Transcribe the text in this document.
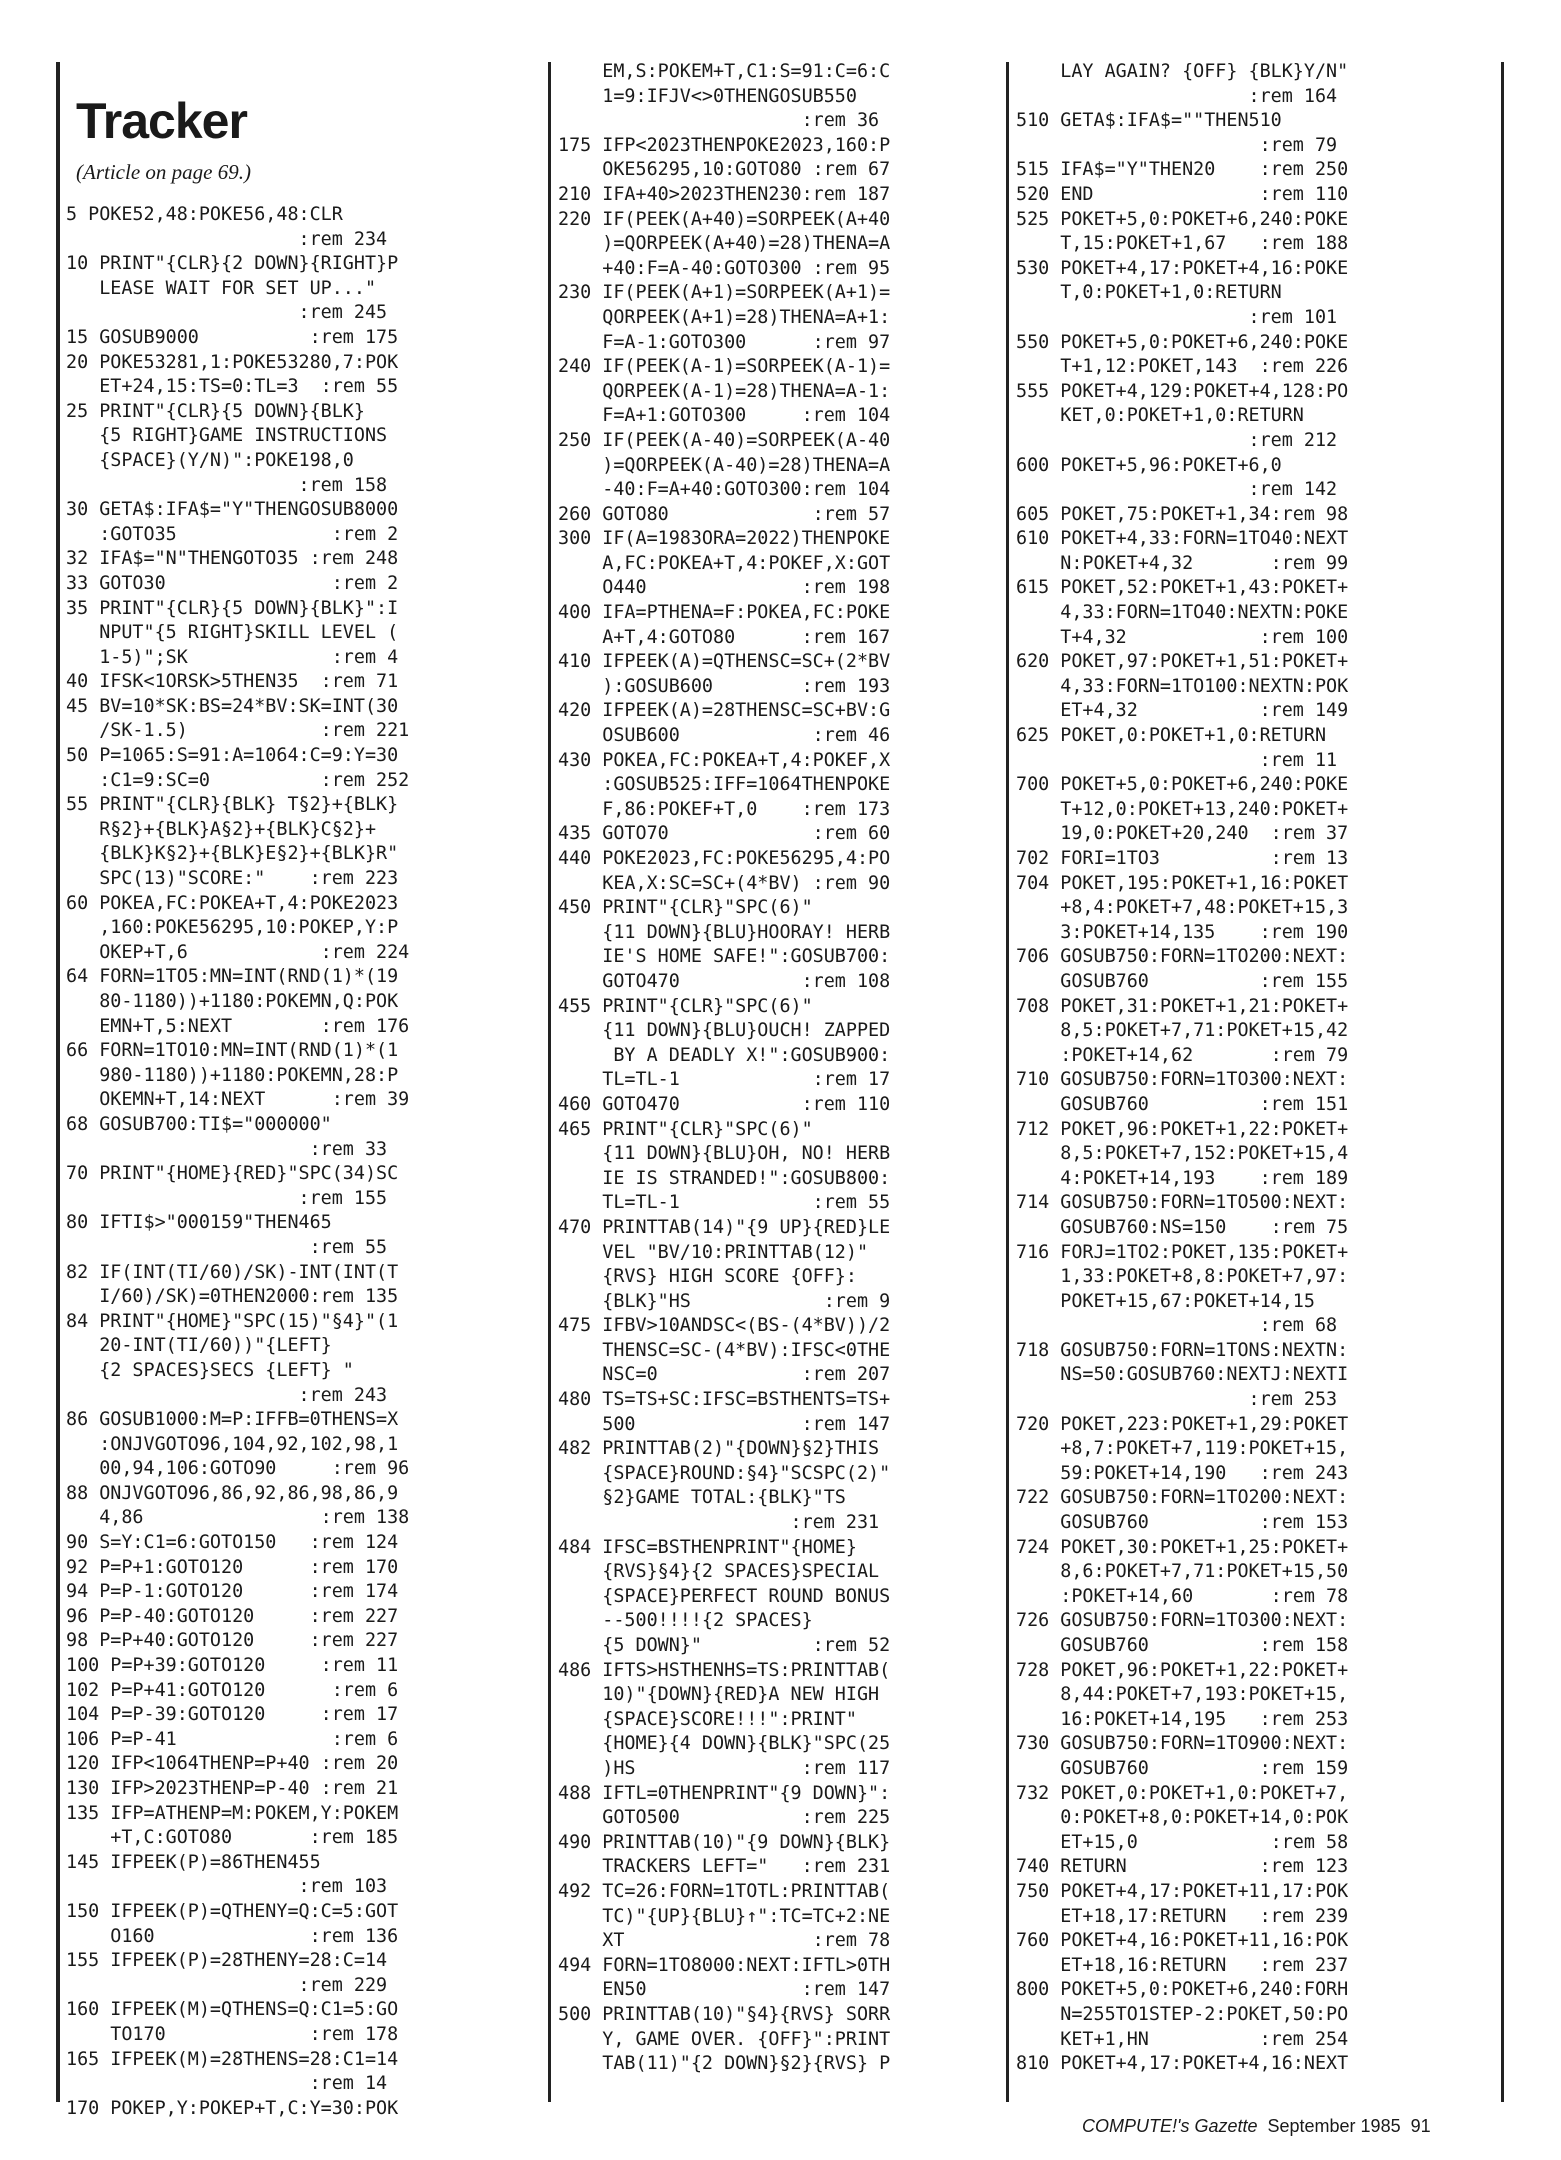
Tracker
(Article on page 69.)
5 POKE52,48:POKE56,48:CLR
:rem 234
10 PRINT"{CLR}{2 DOWN}{RIGHT}P
LEASE WAIT FOR SET UP..."
:rem 245
15 GOSUB9000          :rem 175
20 POKE53281,1:POKE53280,7:POK
ET+24,15:TS=0:TL=3  :rem 55
25 PRINT"{CLR}{5 DOWN}{BLK}
{5 RIGHT}GAME INSTRUCTIONS
{SPACE}(Y/N)":POKE198,0
:rem 158
30 GETA$:IFA$="Y"THENGOSUB8000
:GOTO35              :rem 2
32 IFA$="N"THENGOTO35 :rem 248
33 GOTO30               :rem 2
35 PRINT"{CLR}{5 DOWN}{BLK}":I
NPUT"{5 RIGHT}SKILL LEVEL (
1-5)";SK             :rem 4
40 IFSK<1ORSK>5THEN35  :rem 71
45 BV=10*SK:BS=24*BV:SK=INT(30
/SK-1.5)            :rem 221
50 P=1065:S=91:A=1064:C=9:Y=30
:C1=9:SC=0          :rem 252
55 PRINT"{CLR}{BLK} T§2}+{BLK}
R§2}+{BLK}A§2}+{BLK}C§2}+
{BLK}K§2}+{BLK}E§2}+{BLK}R"
SPC(13)"SCORE:"    :rem 223
60 POKEA,FC:POKEA+T,4:POKE2023
,160:POKE56295,10:POKEP,Y:P
OKEP+T,6            :rem 224
64 FORN=1TO5:MN=INT(RND(1)*(19
80-1180))+1180:POKEMN,Q:POK
EMN+T,5:NEXT        :rem 176
66 FORN=1TO10:MN=INT(RND(1)*(1
980-1180))+1180:POKEMN,28:P
OKEMN+T,14:NEXT      :rem 39
68 GOSUB700:TI$="000000"
:rem 33
70 PRINT"{HOME}{RED}"SPC(34)SC
:rem 155
80 IFTI$>"000159"THEN465
:rem 55
82 IF(INT(TI/60)/SK)-INT(INT(T
I/60)/SK)=0THEN2000:rem 135
84 PRINT"{HOME}"SPC(15)"§4}"(1
20-INT(TI/60))"{LEFT}
{2 SPACES}SECS {LEFT} "
:rem 243
86 GOSUB1000:M=P:IFFB=0THENS=X
:ONJVGOTO96,104,92,102,98,1
00,94,106:GOTO90     :rem 96
88 ONJVGOTO96,86,92,86,98,86,9
4,86                :rem 138
90 S=Y:C1=6:GOTO150   :rem 124
92 P=P+1:GOTO120      :rem 170
94 P=P-1:GOTO120      :rem 174
96 P=P-40:GOTO120     :rem 227
98 P=P+40:GOTO120     :rem 227
100 P=P+39:GOTO120     :rem 11
102 P=P+41:GOTO120      :rem 6
104 P=P-39:GOTO120     :rem 17
106 P=P-41              :rem 6
120 IFP<1064THENP=P+40 :rem 20
130 IFP>2023THENP=P-40 :rem 21
135 IFP=ATHENP=M:POKEM,Y:POKEM
+T,C:GOTO80       :rem 185
145 IFPEEK(P)=86THEN455
:rem 103
150 IFPEEK(P)=QTHENY=Q:C=5:GOT
O160              :rem 136
155 IFPEEK(P)=28THENY=28:C=14
:rem 229
160 IFPEEK(M)=QTHENS=Q:C1=5:GO
TO170             :rem 178
165 IFPEEK(M)=28THENS=28:C1=14
:rem 14
170 POKEP,Y:POKEP+T,C:Y=30:POK
EM,S:POKEM+T,C1:S=91:C=6:C
1=9:IFJV<>0THENGOSUB550
:rem 36
175 IFP<2023THENPOKE2023,160:P
OKE56295,10:GOTO80 :rem 67
210 IFA+40>2023THEN230:rem 187
220 IF(PEEK(A+40)=SORPEEK(A+40
)=QORPEEK(A+40)=28)THENA=A
+40:F=A-40:GOTO300 :rem 95
230 IF(PEEK(A+1)=SORPEEK(A+1)=
QORPEEK(A+1)=28)THENA=A+1:
F=A-1:GOTO300      :rem 97
240 IF(PEEK(A-1)=SORPEEK(A-1)=
QORPEEK(A-1)=28)THENA=A-1:
F=A+1:GOTO300     :rem 104
250 IF(PEEK(A-40)=SORPEEK(A-40
)=QORPEEK(A-40)=28)THENA=A
-40:F=A+40:GOTO300:rem 104
260 GOTO80             :rem 57
300 IF(A=1983ORA=2022)THENPOKE
A,FC:POKEA+T,4:POKEF,X:GOT
O440              :rem 198
400 IFA=PTHENA=F:POKEA,FC:POKE
A+T,4:GOTO80      :rem 167
410 IFPEEK(A)=QTHENSC=SC+(2*BV
):GOSUB600        :rem 193
420 IFPEEK(A)=28THENSC=SC+BV:G
OSUB600            :rem 46
430 POKEA,FC:POKEA+T,4:POKEF,X
:GOSUB525:IFF=1064THENPOKE
F,86:POKEF+T,0    :rem 173
435 GOTO70             :rem 60
440 POKE2023,FC:POKE56295,4:PO
KEA,X:SC=SC+(4*BV) :rem 90
450 PRINT"{CLR}"SPC(6)"
{11 DOWN}{BLU}HOORAY! HERB
IE'S HOME SAFE!":GOSUB700:
GOTO470           :rem 108
455 PRINT"{CLR}"SPC(6)"
{11 DOWN}{BLU}OUCH! ZAPPED
BY A DEADLY X!":GOSUB900:
TL=TL-1            :rem 17
460 GOTO470           :rem 110
465 PRINT"{CLR}"SPC(6)"
{11 DOWN}{BLU}OH, NO! HERB
IE IS STRANDED!":GOSUB800:
TL=TL-1            :rem 55
470 PRINTTAB(14)"{9 UP}{RED}LE
VEL "BV/10:PRINTTAB(12)"
{RVS} HIGH SCORE {OFF}:
{BLK}"HS            :rem 9
475 IFBV>10ANDSC<(BS-(4*BV))/2
THENSC=SC-(4*BV):IFSC<0THE
NSC=0             :rem 207
480 TS=TS+SC:IFSC=BSTHENTS=TS+
500               :rem 147
482 PRINTTAB(2)"{DOWN}§2}THIS
{SPACE}ROUND:§4}"SCSPC(2)"
§2}GAME TOTAL:{BLK}"TS
:rem 231
484 IFSC=BSTHENPRINT"{HOME}
{RVS}§4}{2 SPACES}SPECIAL
{SPACE}PERFECT ROUND BONUS
--500!!!!{2 SPACES}
{5 DOWN}"          :rem 52
486 IFTS>HSTHENHS=TS:PRINTTAB(
10)"{DOWN}{RED}A NEW HIGH
{SPACE}SCORE!!!":PRINT"
{HOME}{4 DOWN}{BLK}"SPC(25
)HS               :rem 117
488 IFTL=0THENPRINT"{9 DOWN}":
GOTO500           :rem 225
490 PRINTTAB(10)"{9 DOWN}{BLK}
TRACKERS LEFT="   :rem 231
492 TC=26:FORN=1TOTL:PRINTTAB(
TC)"{UP}{BLU}↑":TC=TC+2:NE
XT                 :rem 78
494 FORN=1TO8000:NEXT:IFTL>0TH
EN50              :rem 147
500 PRINTTAB(10)"§4}{RVS} SORR
Y, GAME OVER. {OFF}":PRINT
TAB(11)"{2 DOWN}§2}{RVS} P
LAY AGAIN? {OFF} {BLK}Y/N"
:rem 164
510 GETA$:IFA$=""THEN510
:rem 79
515 IFA$="Y"THEN20    :rem 250
520 END               :rem 110
525 POKET+5,0:POKET+6,240:POKE
T,15:POKET+1,67   :rem 188
530 POKET+4,17:POKET+4,16:POKE
T,0:POKET+1,0:RETURN
:rem 101
550 POKET+5,0:POKET+6,240:POKE
T+1,12:POKET,143  :rem 226
555 POKET+4,129:POKET+4,128:PO
KET,0:POKET+1,0:RETURN
:rem 212
600 POKET+5,96:POKET+6,0
:rem 142
605 POKET,75:POKET+1,34:rem 98
610 POKET+4,33:FORN=1TO40:NEXT
N:POKET+4,32       :rem 99
615 POKET,52:POKET+1,43:POKET+
4,33:FORN=1TO40:NEXTN:POKE
T+4,32            :rem 100
620 POKET,97:POKET+1,51:POKET+
4,33:FORN=1TO100:NEXTN:POK
ET+4,32           :rem 149
625 POKET,0:POKET+1,0:RETURN
:rem 11
700 POKET+5,0:POKET+6,240:POKE
T+12,0:POKET+13,240:POKET+
19,0:POKET+20,240  :rem 37
702 FORI=1TO3          :rem 13
704 POKET,195:POKET+1,16:POKET
+8,4:POKET+7,48:POKET+15,3
3:POKET+14,135    :rem 190
706 GOSUB750:FORN=1TO200:NEXT:
GOSUB760          :rem 155
708 POKET,31:POKET+1,21:POKET+
8,5:POKET+7,71:POKET+15,42
:POKET+14,62       :rem 79
710 GOSUB750:FORN=1TO300:NEXT:
GOSUB760          :rem 151
712 POKET,96:POKET+1,22:POKET+
8,5:POKET+7,152:POKET+15,4
4:POKET+14,193    :rem 189
714 GOSUB750:FORN=1TO500:NEXT:
GOSUB760:NS=150    :rem 75
716 FORJ=1TO2:POKET,135:POKET+
1,33:POKET+8,8:POKET+7,97:
POKET+15,67:POKET+14,15
:rem 68
718 GOSUB750:FORN=1TONS:NEXTN:
NS=50:GOSUB760:NEXTJ:NEXTI
:rem 253
720 POKET,223:POKET+1,29:POKET
+8,7:POKET+7,119:POKET+15,
59:POKET+14,190   :rem 243
722 GOSUB750:FORN=1TO200:NEXT:
GOSUB760          :rem 153
724 POKET,30:POKET+1,25:POKET+
8,6:POKET+7,71:POKET+15,50
:POKET+14,60       :rem 78
726 GOSUB750:FORN=1TO300:NEXT:
GOSUB760          :rem 158
728 POKET,96:POKET+1,22:POKET+
8,44:POKET+7,193:POKET+15,
16:POKET+14,195   :rem 253
730 GOSUB750:FORN=1TO900:NEXT:
GOSUB760          :rem 159
732 POKET,0:POKET+1,0:POKET+7,
0:POKET+8,0:POKET+14,0:POK
ET+15,0            :rem 58
740 RETURN            :rem 123
750 POKET+4,17:POKET+11,17:POK
ET+18,17:RETURN   :rem 239
760 POKET+4,16:POKET+11,16:POK
ET+18,16:RETURN   :rem 237
800 POKET+5,0:POKET+6,240:FORH
N=255TO1STEP-2:POKET,50:PO
KET+1,HN          :rem 254
810 POKET+4,17:POKET+4,16:NEXT
COMPUTE!'s Gazette September 1985 91
